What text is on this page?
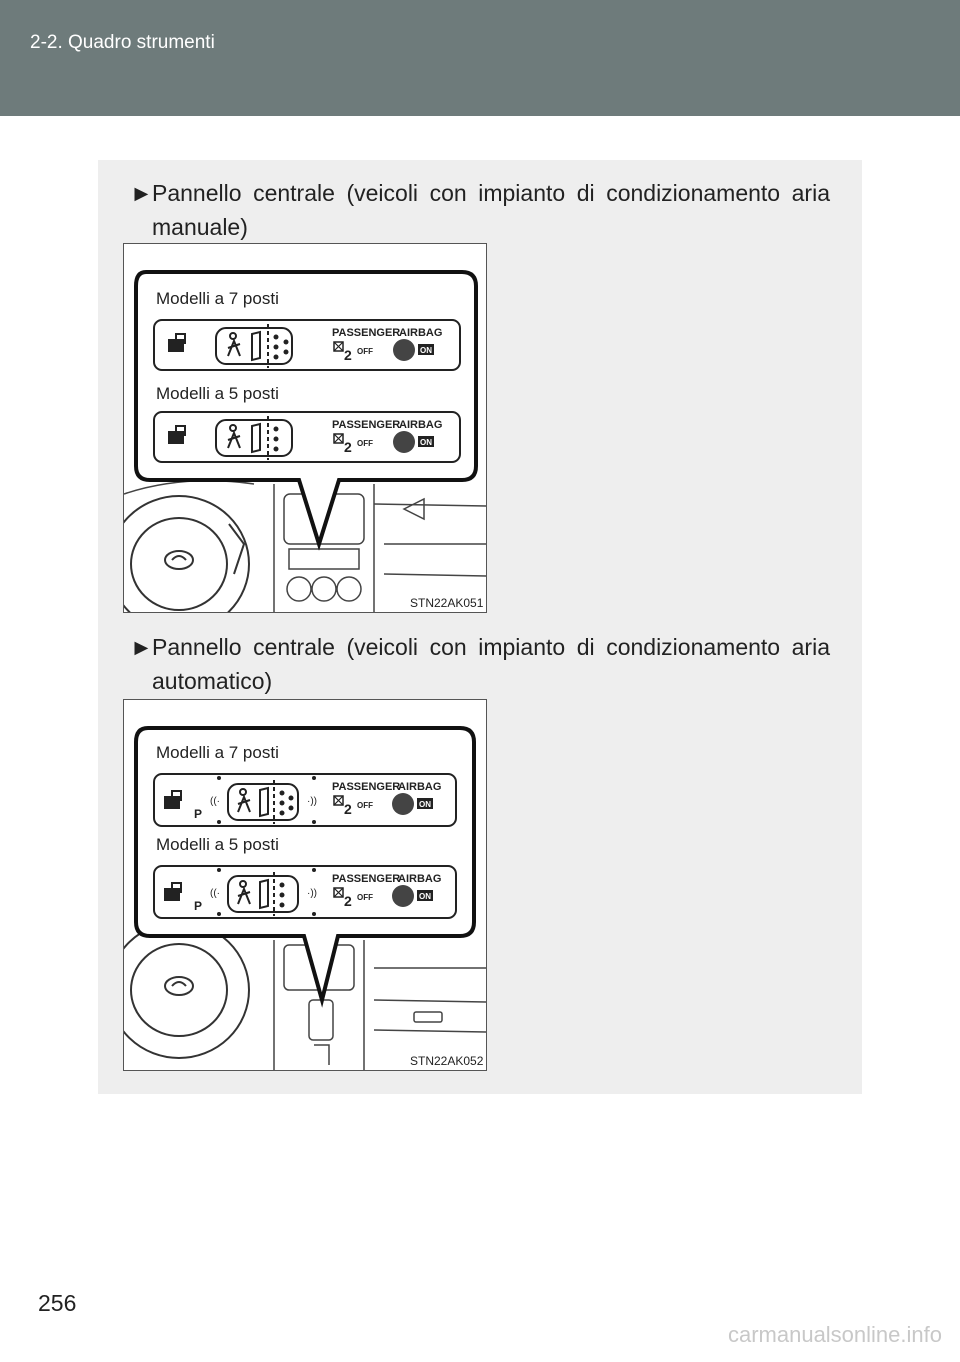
2-2. Quadro strumenti
► Pannello centrale (veicoli con impianto di condizionamento aria manuale)
Modelli a 7 posti
PASSENGER
AIRBAG
2 OFF	ON
Modelli a 5 posti
PASSENGER
AIRBAG
2 OFF	ON
STN22AK051
► Pannello centrale (veicoli con impianto di condizionamento aria automatico)
Modelli a 7 posti
P
((·	·))
PASSENGER
AIRBAG
2 OFF	ON
Modelli a 5 posti
P
((·	·))
PASSENGER
AIRBAG
2 OFF	ON
STN22AK052
256
carmanualsonline.info
